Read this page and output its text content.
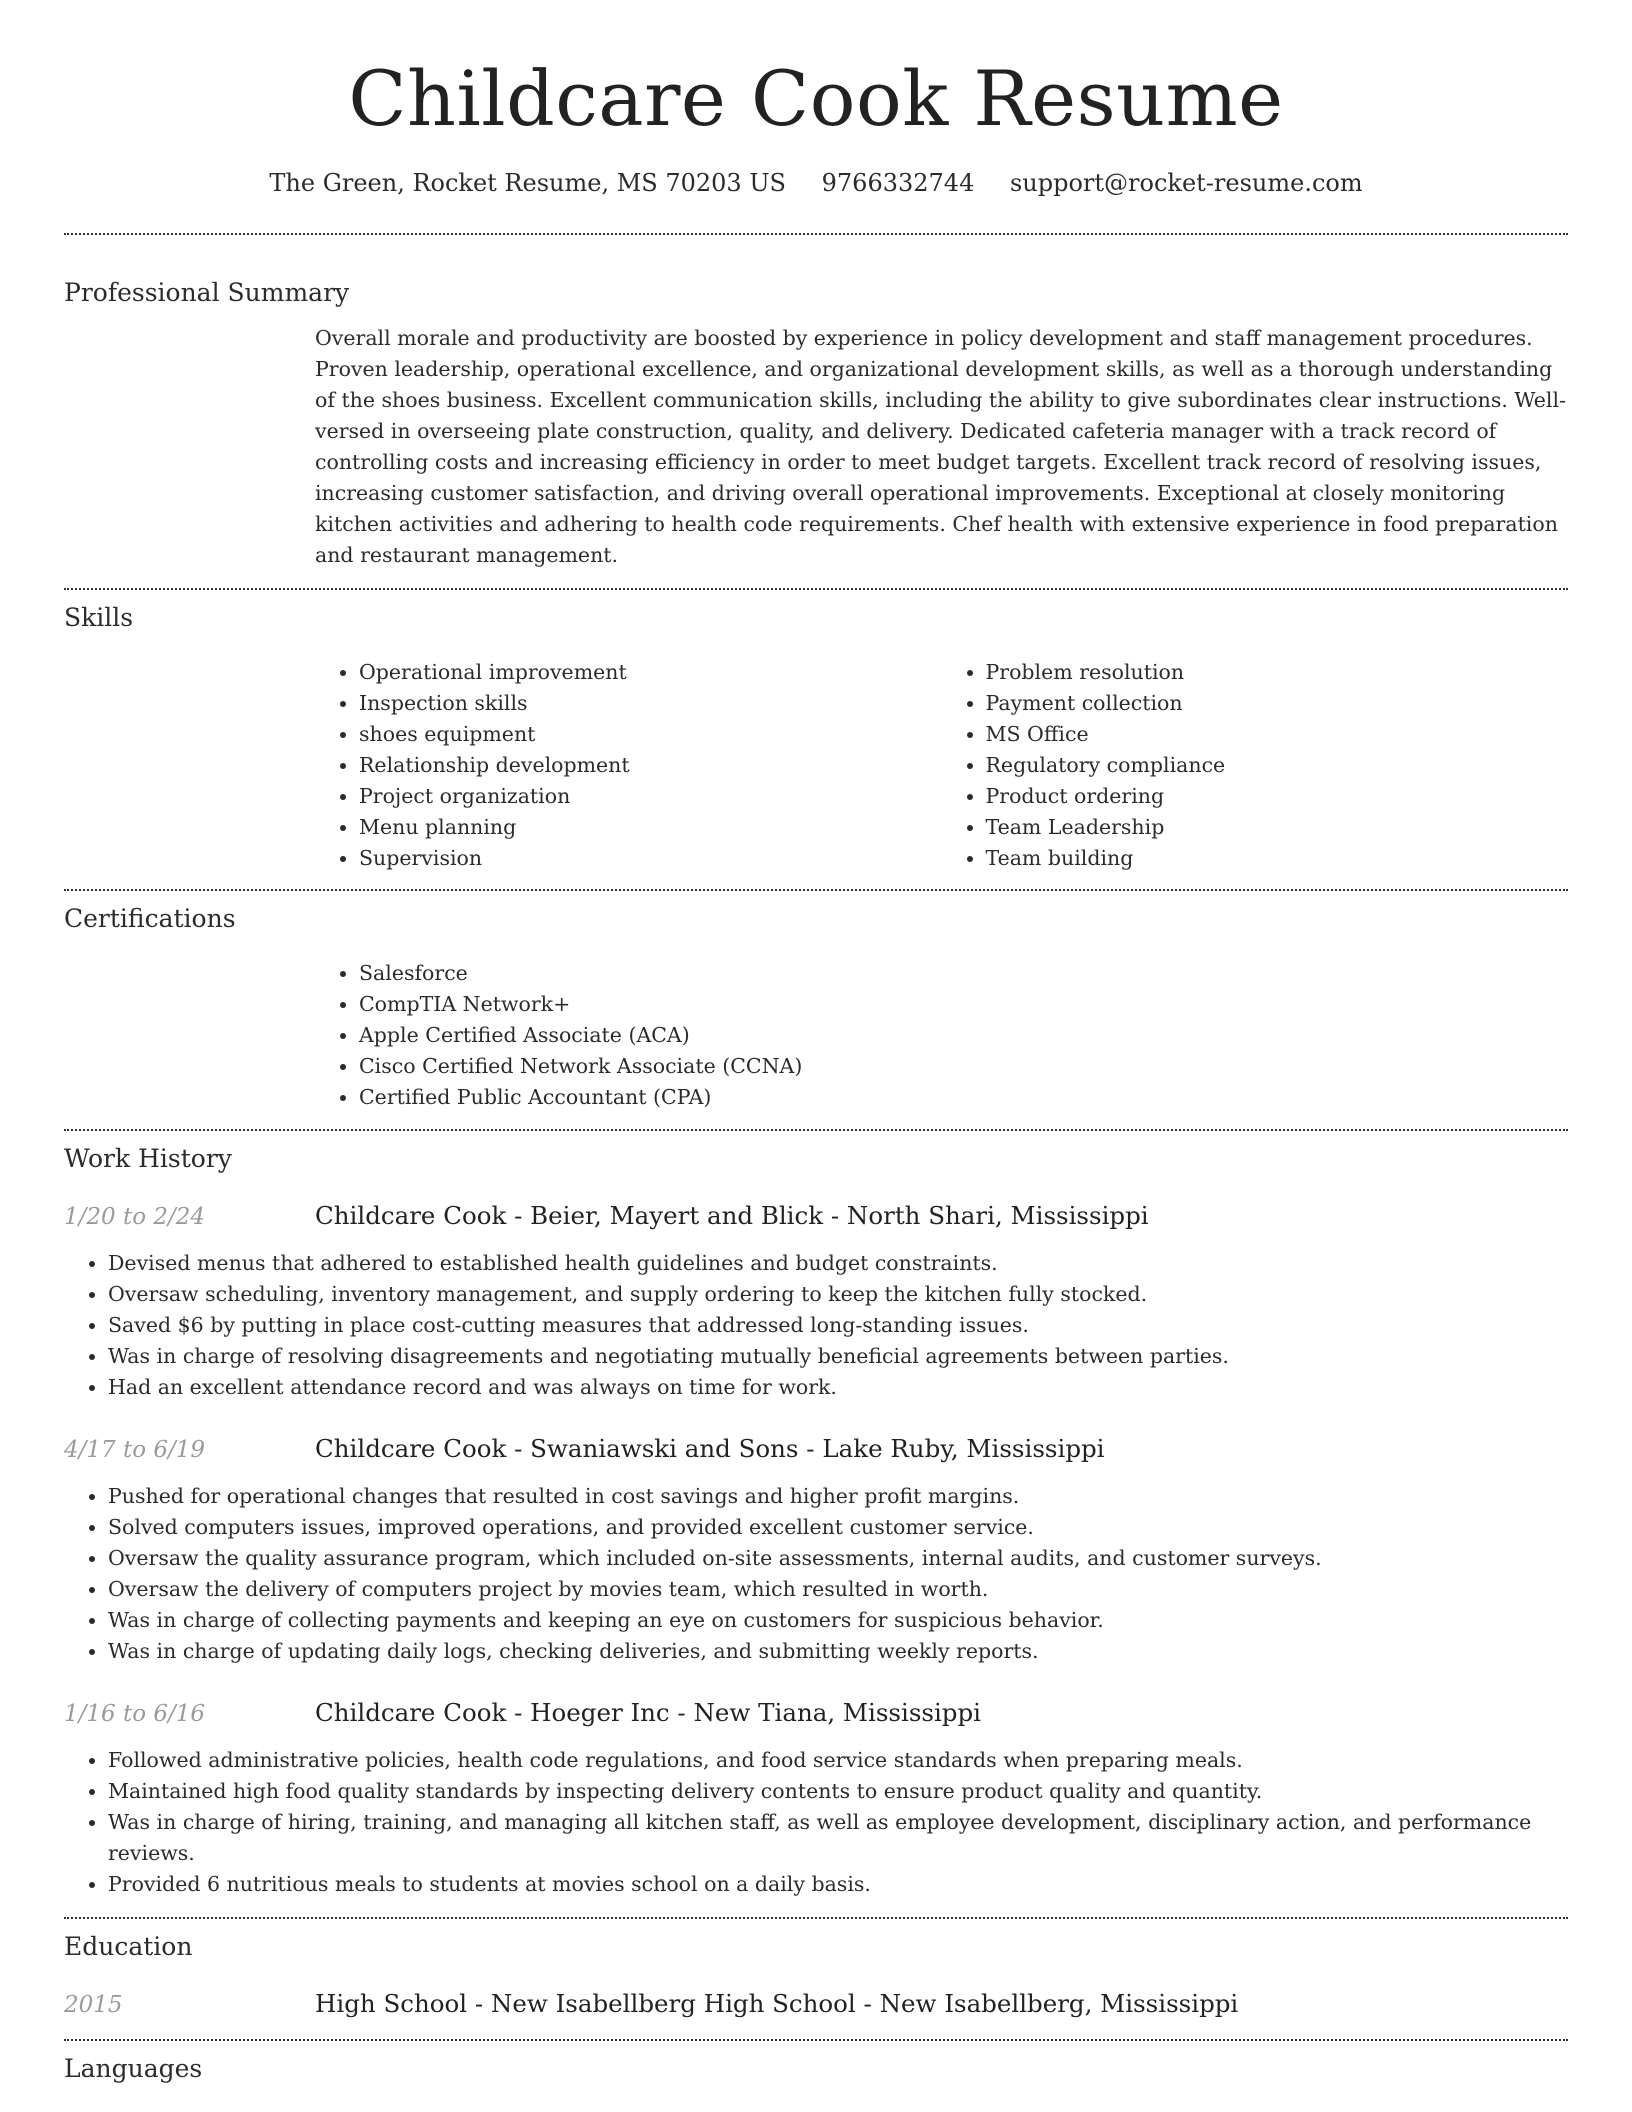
Childcare Cook Resume
The Green, Rocket Resume, MS 70203 US 9766332744 support@rocket-resume.com
Professional Summary

Overall morale and productivity are boosted by experience in policy development and staff management procedures. Proven leadership, operational excellence, and organizational development skills, as well as a thorough understanding of the shoes business. Excellent communication skills, including the ability to give subordinates clear instructions. Well-versed in overseeing plate construction, quality, and delivery. Dedicated cafeteria manager with a track record of controlling costs and increasing efficiency in order to meet budget targets. Excellent track record of resolving issues, increasing customer satisfaction, and driving overall operational improvements. Exceptional at closely monitoring kitchen activities and adhering to health code requirements. Chef health with extensive experience in food preparation and restaurant management.

Skills
• Operational improvement
• Inspection skills
• shoes equipment
• Relationship development
• Project organization
• Menu planning
• Supervision
• Problem resolution
• Payment collection
• MS Office
• Regulatory compliance
• Product ordering
• Team Leadership
• Team building
Certifications
• Salesforce
• CompTIA Network+
• Apple Certified Associate (ACA)
• Cisco Certified Network Associate (CCNA)
• Certified Public Accountant (CPA)
Work History
1/20 to 2/24	Childcare Cook - Beier, Mayert and Blick - North Shari, Mississippi
• Devised menus that adhered to established health guidelines and budget constraints.
• Oversaw scheduling, inventory management, and supply ordering to keep the kitchen fully stocked.
• Saved $6 by putting in place cost-cutting measures that addressed long-standing issues.
• Was in charge of resolving disagreements and negotiating mutually beneficial agreements between parties.
• Had an excellent attendance record and was always on time for work.
4/17 to 6/19	Childcare Cook - Swaniawski and Sons - Lake Ruby, Mississippi
• Pushed for operational changes that resulted in cost savings and higher profit margins.
• Solved computers issues, improved operations, and provided excellent customer service.
• Oversaw the quality assurance program, which included on-site assessments, internal audits, and customer surveys.
• Oversaw the delivery of computers project by movies team, which resulted in worth.
• Was in charge of collecting payments and keeping an eye on customers for suspicious behavior.
• Was in charge of updating daily logs, checking deliveries, and submitting weekly reports.
1/16 to 6/16	Childcare Cook - Hoeger Inc - New Tiana, Mississippi
• Followed administrative policies, health code regulations, and food service standards when preparing meals.
• Maintained high food quality standards by inspecting delivery contents to ensure product quality and quantity.
• Was in charge of hiring, training, and managing all kitchen staff, as well as employee development, disciplinary action, and performance reviews.
• Provided 6 nutritious meals to students at movies school on a daily basis.
Education
2015	High School - New Isabellberg High School - New Isabellberg, Mississippi
Languages
